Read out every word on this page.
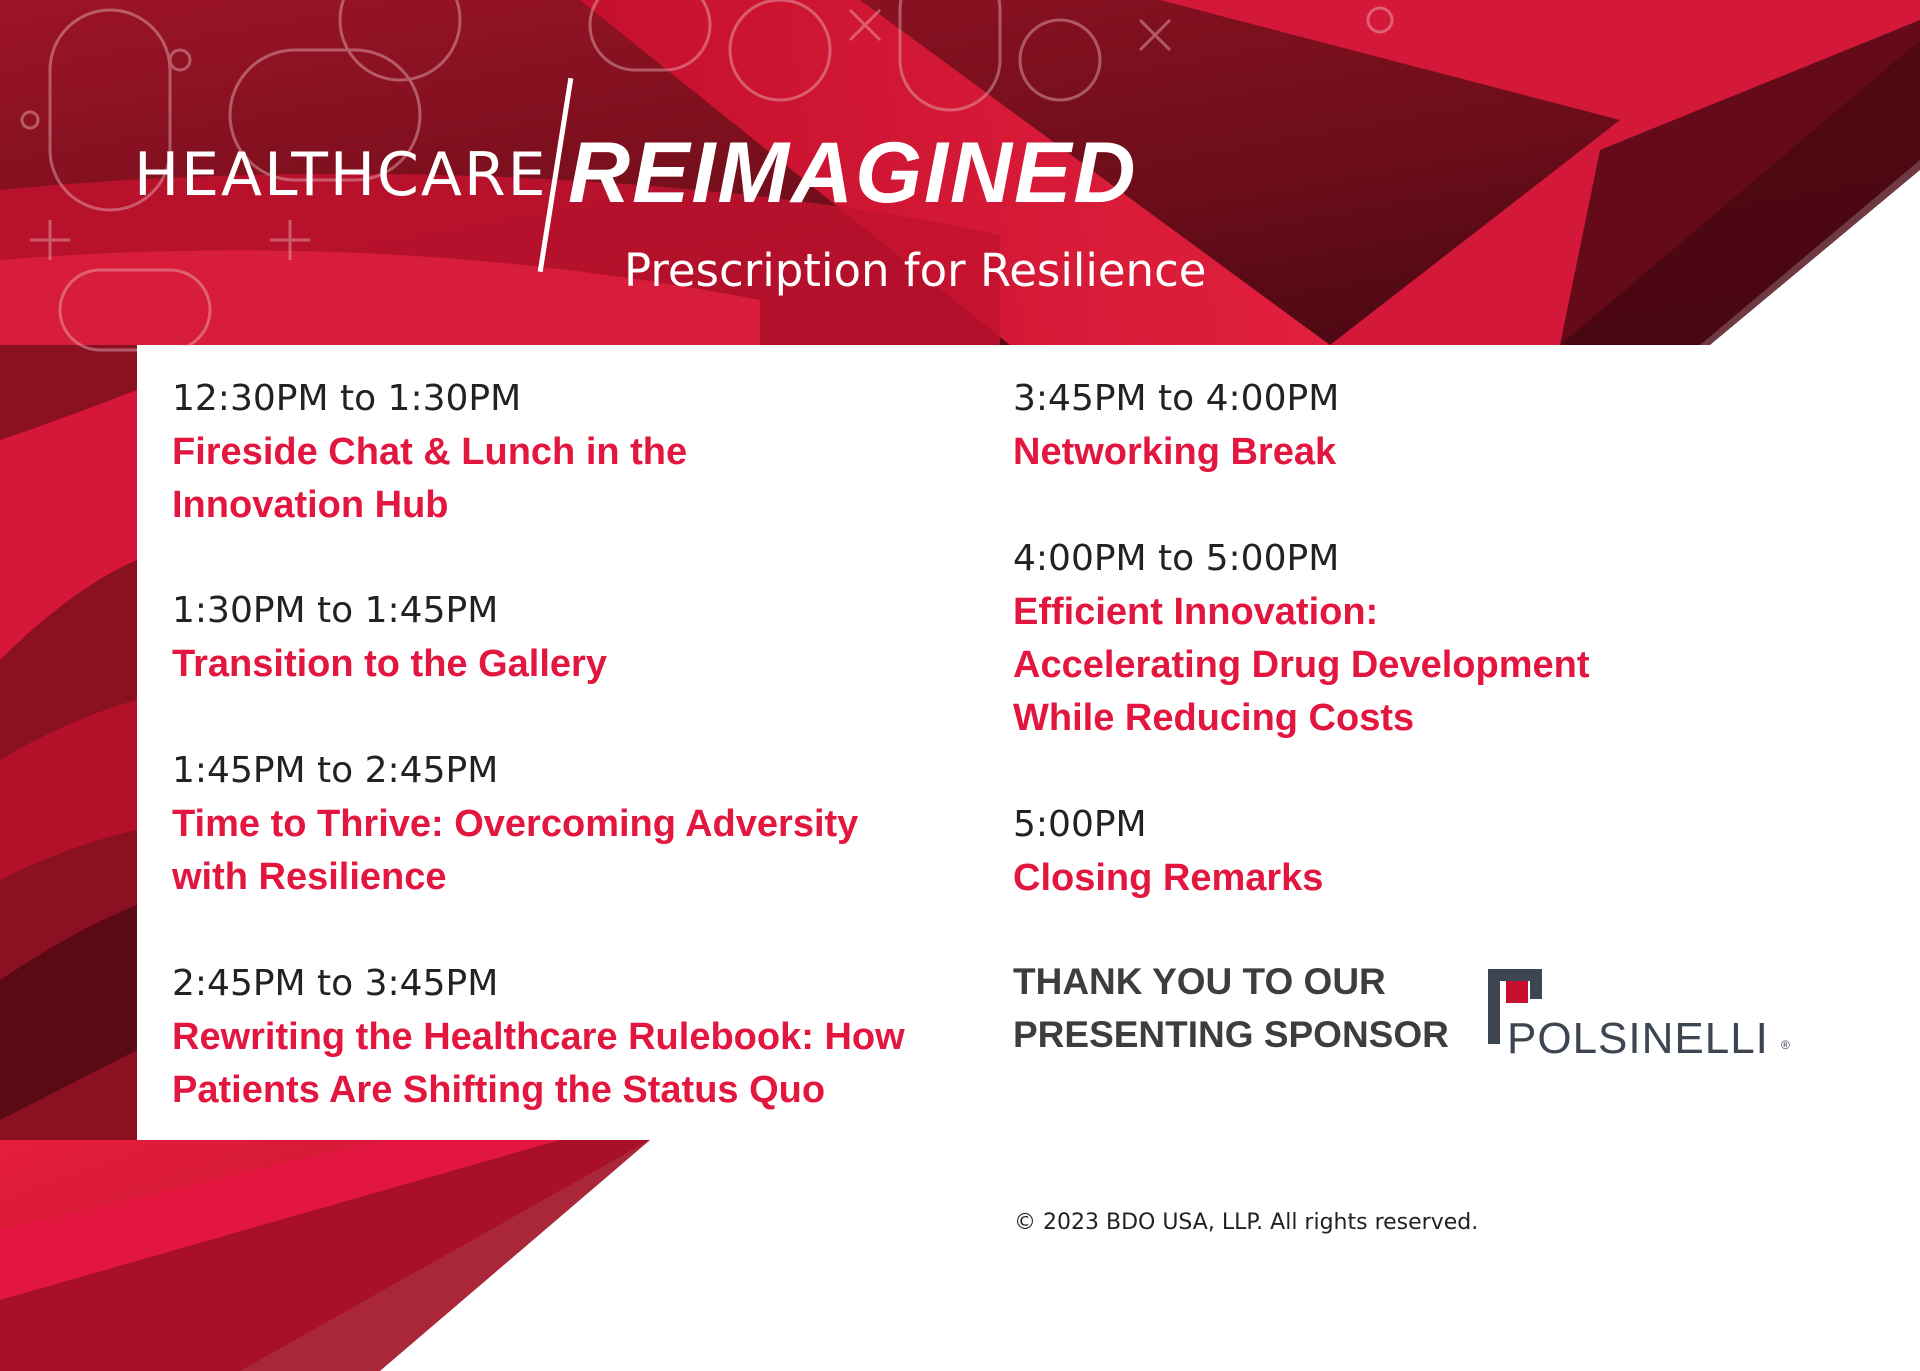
HEALTHCARE REIMAGINED
Prescription for Resilience
12:30PM to 1:30PM
Fireside Chat & Lunch in the
Innovation Hub
1:30PM to 1:45PM
Transition to the Gallery
1:45PM to 2:45PM
Time to Thrive: Overcoming Adversity
with Resilience
2:45PM to 3:45PM
Rewriting the Healthcare Rulebook: How
Patients Are Shifting the Status Quo
3:45PM to 4:00PM
Networking Break
4:00PM to 5:00PM
Efficient Innovation:
Accelerating Drug Development
While Reducing Costs
5:00PM
Closing Remarks
THANK YOU TO OUR
PRESENTING SPONSOR POLSINELLI ®
© 2023 BDO USA, LLP. All rights reserved.
